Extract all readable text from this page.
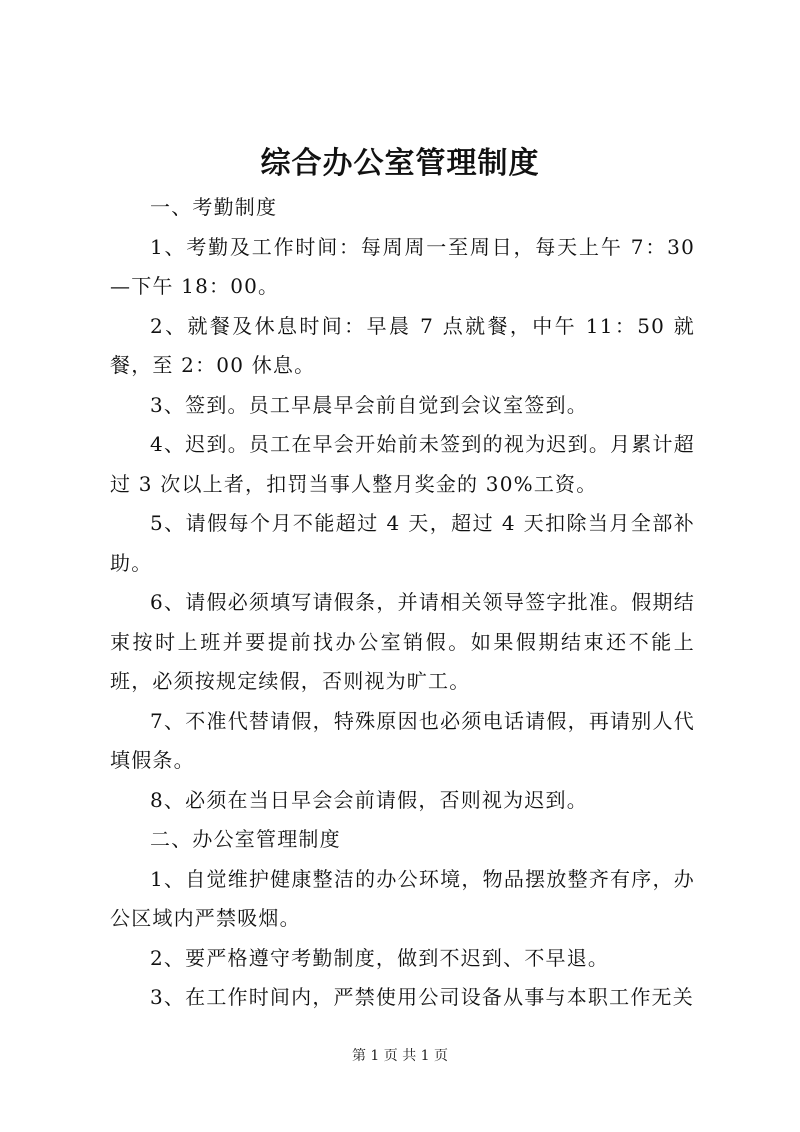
综合办公室管理制度

一、考勤制度

1、考勤及工作时间：每周周一至周日，每天上午 7：30—下午 18：00。

2、就餐及休息时间：早晨 7 点就餐，中午 11：50 就餐，至 2：00 休息。

3、签到。员工早晨早会前自觉到会议室签到。

4、迟到。员工在早会开始前未签到的视为迟到。月累计超过 3 次以上者，扣罚当事人整月奖金的 30%工资。

5、请假每个月不能超过 4 天，超过 4 天扣除当月全部补助。

6、请假必须填写请假条，并请相关领导签字批准。假期结束按时上班并要提前找办公室销假。如果假期结束还不能上班，必须按规定续假，否则视为旷工。

7、不准代替请假，特殊原因也必须电话请假，再请别人代填假条。

8、必须在当日早会会前请假，否则视为迟到。

二、办公室管理制度

1、自觉维护健康整洁的办公环境，物品摆放整齐有序，办公区域内严禁吸烟。

2、要严格遵守考勤制度，做到不迟到、不早退。

3、在工作时间内，严禁使用公司设备从事与本职工作无关

第 1 页 共 1 页
